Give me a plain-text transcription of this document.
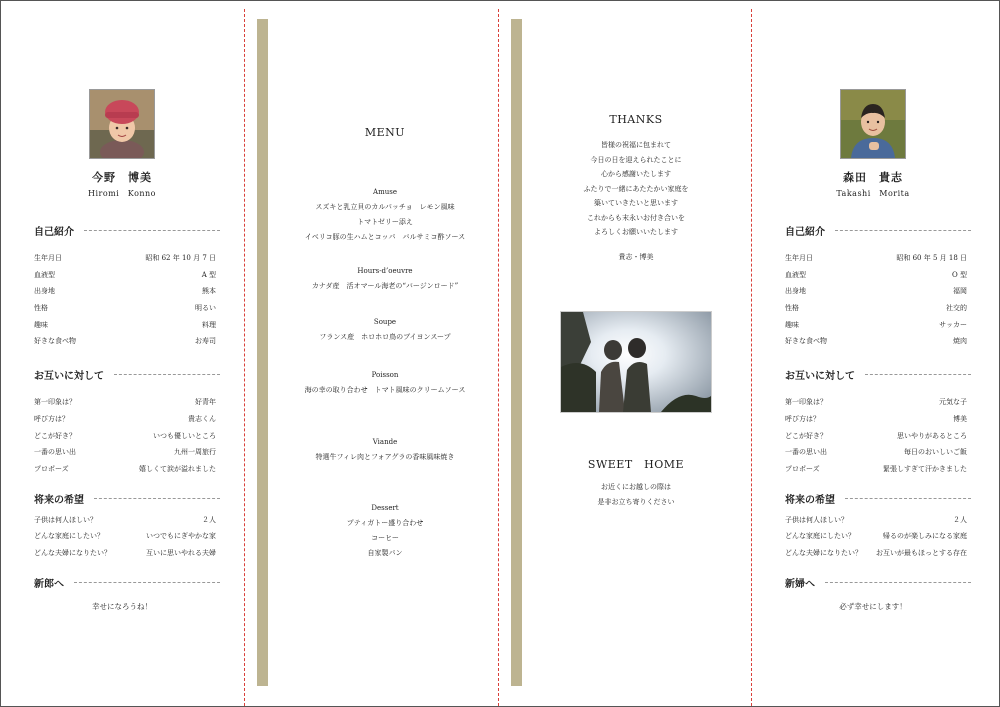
今野　博美
Hiromi　Konno
自己紹介
生年月日	昭和 62 年 10 月 7 日
血液型	A 型
出身地	熊本
性格	明るい
趣味	料理
好きな食べ物	お寿司
お互いに対して
第一印象は？	好青年
呼び方は？	貴志くん
どこが好き？	いつも優しいところ
一番の思い出	九州一周旅行
プロポーズ	嬉しくて涙が溢れました
将来の希望
子供は何人ほしい？	２人
どんな家庭にしたい？	いつでもにぎやかな家
どんな夫婦になりたい？	互いに思いやれる夫婦
新郎へ
幸せになろうね！
MENU
Amuse
スズキと乳立貝のカルパッチョ　レモン風味
トマトゼリー添え
イベリコ豚の生ハムとコッパ　バルサミコ酢ソース
Hours-d’oeuvre
カナダ産　活オマール海老の“バージンロード”
Soupe
フランス産　ホロホロ鳥のブイヨンスープ
Poisson
海の幸の取り合わせ　トマト風味のクリームソース
Viande
特選牛フィレ肉とフォアグラの香味風味焼き
Dessert
プティガトー盛り合わせ
コーヒー
自家製パン
THANKS
皆様の祝福に包まれて
今日の日を迎えられたことに
心から感謝いたします
ふたりで一緒にあたたかい家庭を
築いていきたいと思います
これからも末永いお付き合いを
よろしくお願いいたします
貴志・博美
SWEET　HOME
お近くにお越しの際は
是非お立ち寄りください
森田　貴志
Takashi　Morita
自己紹介
生年月日	昭和 60 年 5 月 18 日
血液型	O 型
出身地	福岡
性格	社交的
趣味	サッカー
好きな食べ物	焼肉
お互いに対して
第一印象は？	元気な子
呼び方は？	博美
どこが好き？	思いやりがあるところ
一番の思い出	毎日のおいしいご飯
プロポーズ	緊張しすぎて汗かきました
将来の希望
子供は何人ほしい？	２人
どんな家庭にしたい？	帰るのが楽しみになる家庭
どんな夫婦になりたい？ お互いが最もほっとする存在
新婦へ
必ず幸せにします！
